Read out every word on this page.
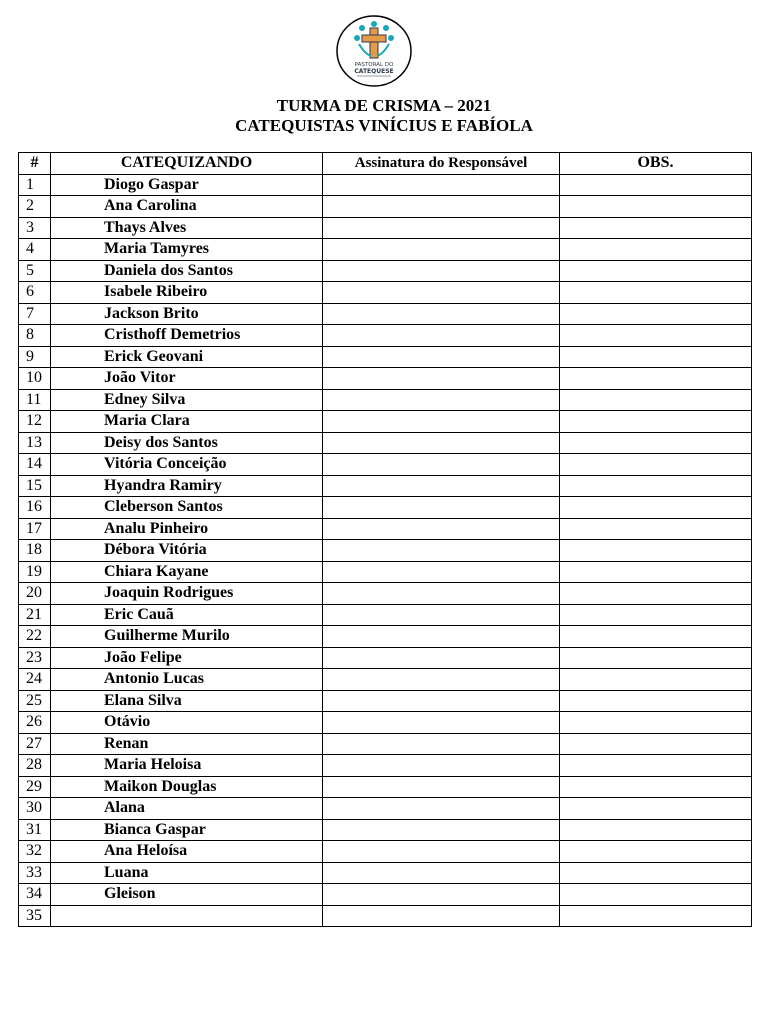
PASTORAL DO
CATEQUESE
TURMA DE CRISMA – 2021
CATEQUISTAS VINÍCIUS E FABÍOLA
#	CATEQUIZANDO	Assinatura do Responsável	OBS.
1	Diogo Gaspar		
2	Ana Carolina		
3	Thays Alves		
4	Maria Tamyres		
5	Daniela dos Santos		
6	Isabele Ribeiro		
7	Jackson Brito		
8	Cristhoff Demetrios		
9	Erick Geovani		
10	João Vitor		
11	Edney Silva		
12	Maria Clara		
13	Deisy dos Santos		
14	Vitória Conceição		
15	Hyandra Ramiry		
16	Cleberson Santos		
17	Analu Pinheiro		
18	Débora Vitória		
19	Chiara Kayane		
20	Joaquin Rodrigues		
21	Eric Cauã		
22	Guilherme Murilo		
23	João Felipe		
24	Antonio Lucas		
25	Elana Silva		
26	Otávio		
27	Renan		
28	Maria Heloisa		
29	Maikon Douglas		
30	Alana		
31	Bianca Gaspar		
32	Ana Heloísa		
33	Luana		
34	Gleison		
35			
